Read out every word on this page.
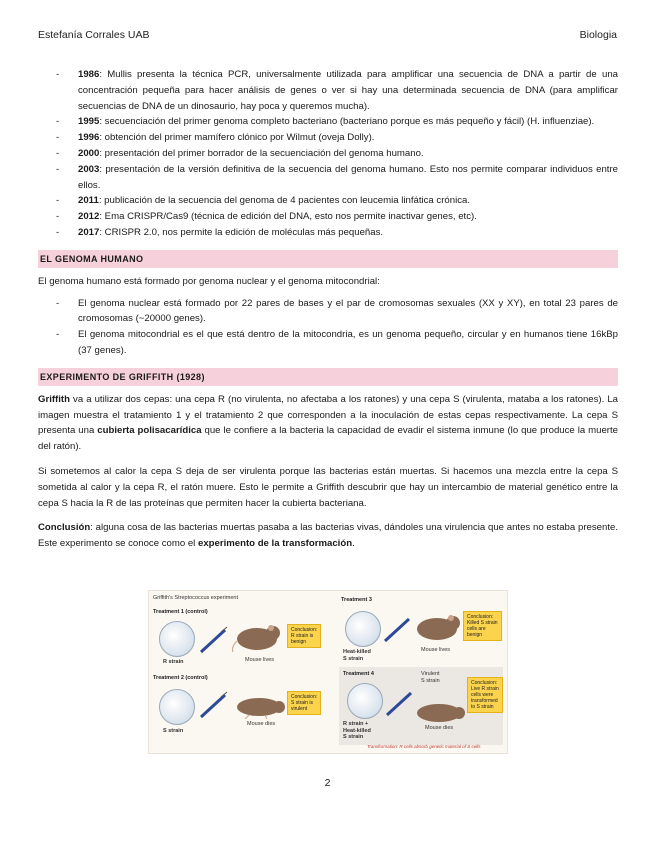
Estefanía Corrales UAB	Biologia
- 1986: Mullis presenta la técnica PCR, universalmente utilizada para amplificar una secuencia de DNA a partir de una concentración pequeña para hacer análisis de genes o ver si hay una determinada secuencia de DNA (para amplificar secuencias de DNA de un dinosaurio, hay poca y queremos mucha).
- 1995: secuenciación del primer genoma completo bacteriano (bacteriano porque es más pequeño y fácil) (H. influenziae).
- 1996: obtención del primer mamífero clónico por Wilmut (oveja Dolly).
- 2000: presentación del primer borrador de la secuenciación del genoma humano.
- 2003: presentación de la versión definitiva de la secuencia del genoma humano. Esto nos permite comparar individuos entre ellos.
- 2011: publicación de la secuencia del genoma de 4 pacientes con leucemia linfática crónica.
- 2012: Ema CRISPR/Cas9 (técnica de edición del DNA, esto nos permite inactivar genes, etc).
- 2017: CRISPR 2.0, nos permite la edición de moléculas más pequeñas.
EL GENOMA HUMANO

El genoma humano está formado por genoma nuclear y el genoma mitocondrial:

- El genoma nuclear está formado por 22 pares de bases y el par de cromosomas sexuales (XX y XY), en total 23 pares de cromosomas (~20000 genes).
- El genoma mitocondrial es el que está dentro de la mitocondria, es un genoma pequeño, circular y en humanos tiene 16kBp (37 genes).
EXPERIMENTO DE GRIFFITH (1928)

Griffith va a utilizar dos cepas: una cepa R (no virulenta, no afectaba a los ratones) y una cepa S (virulenta, mataba a los ratones). La imagen muestra el tratamiento 1 y el tratamiento 2 que corresponden a la inoculación de estas cepas respectivamente. La cepa S presenta una cubierta polisacarídica que le confiere a la bacteria la capacidad de evadir el sistema inmune (lo que produce la muerte del ratón).

Si sometemos al calor la cepa S deja de ser virulenta porque las bacterias están muertas. Si hacemos una mezcla entre la cepa S sometida al calor y la cepa R, el ratón muere. Esto le permite a Griffith descubrir que hay un intercambio de material genético entre la cepa S hacia la R de las proteínas que permiten hacer la cubierta bacteriana.

Conclusión: alguna cosa de las bacterias muertas pasaba a las bacterias vivas, dándoles una virulencia que antes no estaba presente. Este experimento se conoce como el experimento de la transformación.

Griffith's Streptococcus experiment
Treatment 1 (control)
R strain	Mouse lives
Conclusion:
R strain is
benign
Treatment 2 (control)
S strain
Mouse dies
Conclusion:
S strain is
virulent
Treatment 3
Heat-killed
S strain
Mouse lives
Conclusion:
Killed S strain
cells are
benign
Treatment 4
R strain +
Heat-killed
S strain
Virulent
S strain
Mouse dies
Conclusion:
Live R strain
cells were
transformed
to S strain
Transformation: R cells absorb genetic material of S cells
2
